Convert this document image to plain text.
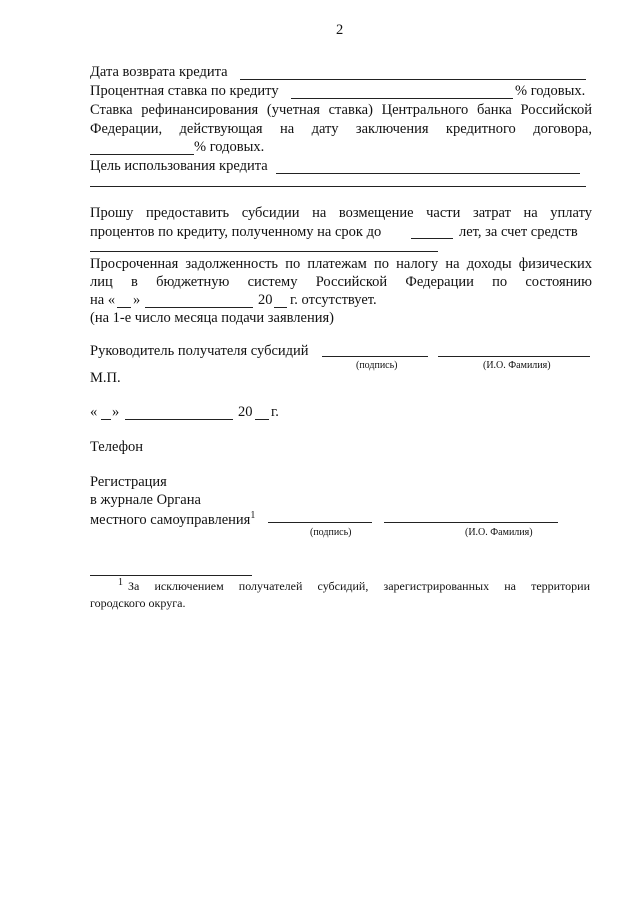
2
Дата возврата кредита
Процентная ставка по кредиту	% годовых.
Ставка рефинансирования (учетная ставка) Центрального банка Российской
Федерации, действующая на дату заключения кредитного договора,
% годовых.
Цель использования кредита
Прошу предоставить субсидии на возмещение части затрат на уплату
процентов по кредиту, полученному на срок до	лет, за счет средств
Просроченная задолженность по платежам по налогу на доходы физических
лиц в бюджетную систему Российской Федерации по состоянию
на « »	20 г. отсутствует.
(на 1-е число месяца подачи заявления)
Руководитель получателя субсидий
(подпись)	(И.О. Фамилия)
М.П.
« »	20 г.
Телефон
Регистрация
в журнале Органа
местного самоуправления$^1$
(подпись)	(И.О. Фамилия)
1 За исключением получателей субсидий, зарегистрированных на территории
городского округа.
